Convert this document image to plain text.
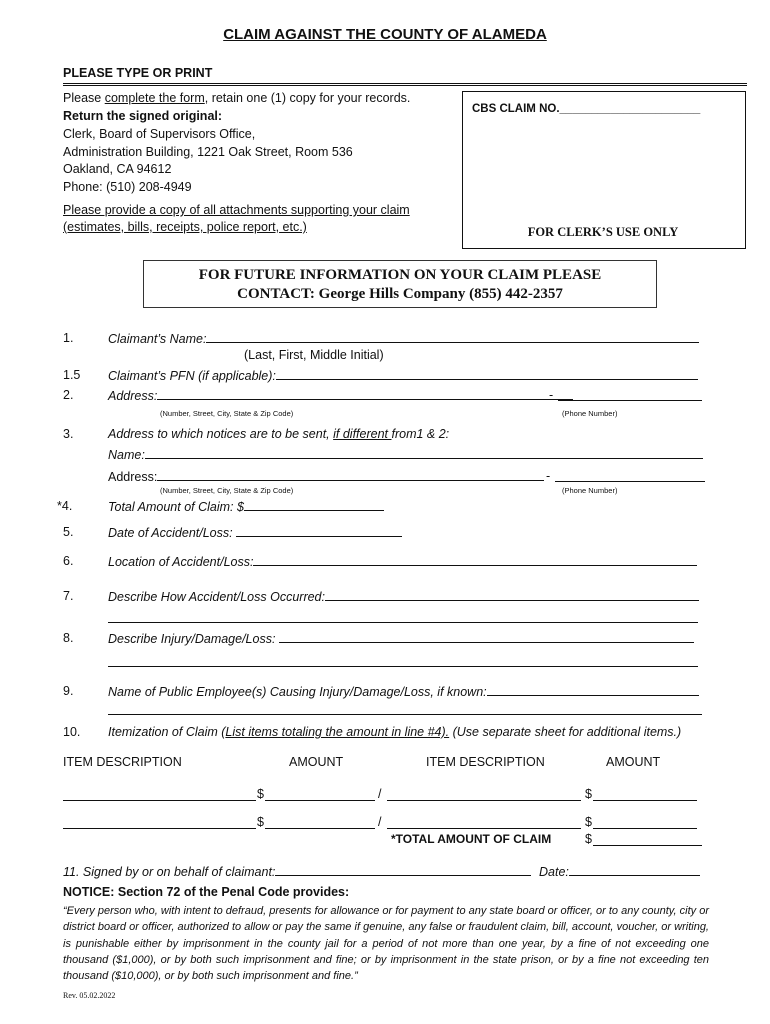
CLAIM AGAINST THE COUNTY OF ALAMEDA
PLEASE TYPE OR PRINT
Please complete the form, retain one (1) copy for your records.
Return the signed original:
Clerk, Board of Supervisors Office,
Administration Building, 1221 Oak Street, Room 536
Oakland, CA 94612
Phone: (510) 208-4949
Please provide a copy of all attachments supporting your claim
(estimates, bills, receipts, police report, etc.)
CBS CLAIM NO.______________________
FOR CLERK’S USE ONLY
FOR FUTURE INFORMATION ON YOUR CLAIM PLEASE
CONTACT: George Hills Company (855) 442-2357
1.	Claimant’s Name:
(Last, First, Middle Initial)
1.5 Claimant’s PFN (if applicable):
2.	Address:	-
(Number, Street, City, State & Zip Code)	(Phone Number)
3.	Address to which notices are to be sent, if different from1 & 2:
Name:
Address:	-
(Number, Street, City, State & Zip Code)	(Phone Number)
*4.	Total Amount of Claim: $
5.	Date of Accident/Loss:
6.	Location of Accident/Loss:
7.	Describe How Accident/Loss Occurred:
8.	Describe Injury/Damage/Loss:
9.	Name of Public Employee(s) Causing Injury/Damage/Loss, if known:
10. Itemization of Claim (List items totaling the amount in line #4). (Use separate sheet for additional items.)
ITEM DESCRIPTION	AMOUNT	ITEM DESCRIPTION	AMOUNT
$	/	$
$	/	$
*TOTAL AMOUNT OF CLAIM	$
11. Signed by or on behalf of claimant:	Date:
NOTICE: Section 72 of the Penal Code provides:
“Every person who, with intent to defraud, presents for allowance or for payment to any state board or officer, or to any county, city or district board or officer, authorized to allow or pay the same if genuine, any false or fraudulent claim, bill, account, voucher, or writing, is punishable either by imprisonment in the county jail for a period of not more than one year, by a fine of not exceeding one thousand ($1,000), or by both such imprisonment and fine; or by imprisonment in the state prison, or by a fine not exceeding ten thousand ($10,000), or by both such imprisonment and fine.”
Rev. 05.02.2022
